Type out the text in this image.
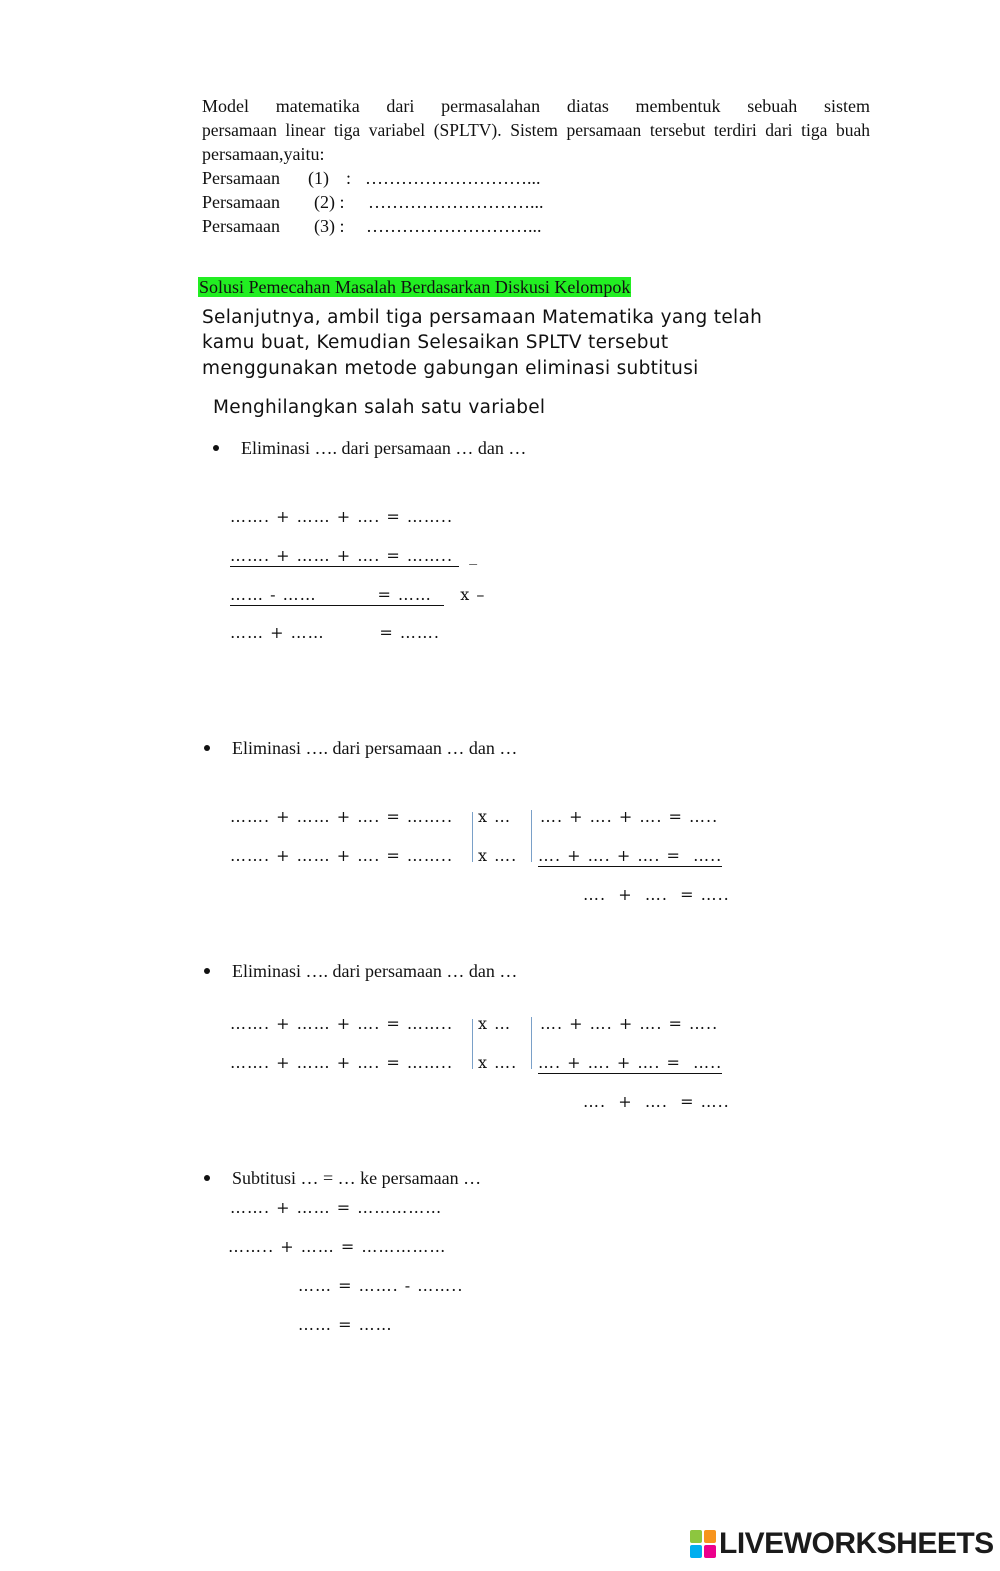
Model matematika dari permasalahan diatas membentuk sebuah sistem
persamaan linear tiga variabel (SPLTV). Sistem persamaan tersebut terdiri dari tiga buah
persamaan,yaitu:
Persamaan (1) : ………………………...
Persamaan (2) : ………………………...
Persamaan (3) : ………………………...
Solusi Pemecahan Masalah Berdasarkan Diskusi Kelompok
Selanjutnya, ambil tiga persamaan Matematika yang telah
kamu buat, Kemudian Selesaikan SPLTV tersebut
menggunakan metode gabungan eliminasi subtitusi
Menghilangkan salah satu variabel
Eliminasi …. dari persamaan … dan …
……. + …… + …. = ……..
……. + …… + …. = …….. _
…… - ……          = ……   x –
…… + ……         = …….
Eliminasi …. dari persamaan … dan …
……. + …… + …. = …….. x … …. + …. + …. = …..
……. + …… + …. = …….. x …. …. + …. + …. =  …..
….  +  ….  = …..
Eliminasi …. dari persamaan … dan …
……. + …… + …. = …….. x … …. + …. + …. = …..
……. + …… + …. = …….. x …. …. + …. + …. =  …..
….  +  ….  = …..
Subtitusi … = … ke persamaan …
……. + …… = ……………
…….. + …… = ……………
…… = ……. - ……..
…… = ……
LIVEWORKSHEETS
